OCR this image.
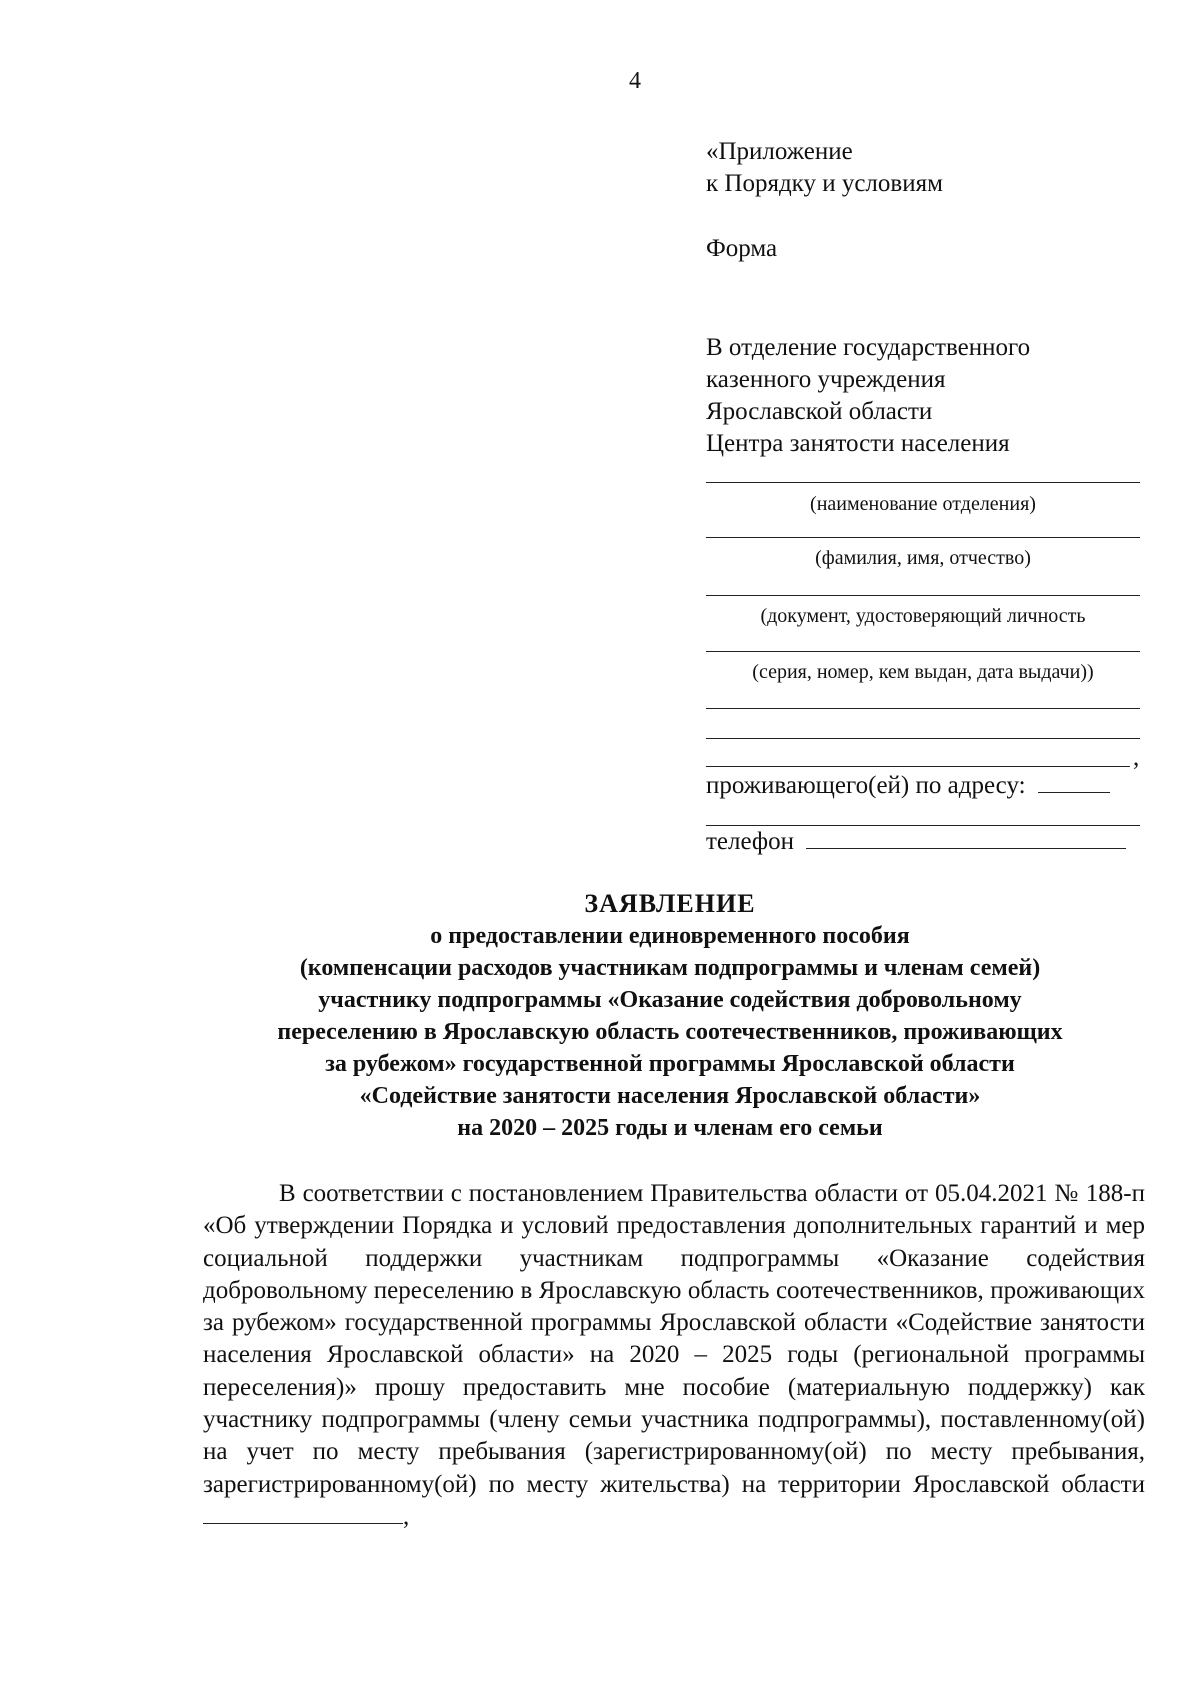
4
«Приложение
к Порядку и условиям
Форма
В отделение государственного
казенного учреждения
Ярославской области
Центра занятости населения
(наименование отделения)
(фамилия, имя, отчество)
(документ, удостоверяющий личность
(серия, номер, кем выдан, дата выдачи))
,
проживающего(ей) по адресу:
телефон
ЗАЯВЛЕНИЕ
о предоставлении единовременного пособия
(компенсации расходов участникам подпрограммы и членам семей)
участнику подпрограммы «Оказание содействия добровольному
переселению в Ярославскую область соотечественников, проживающих
за рубежом» государственной программы Ярославской области
«Содействие занятости населения Ярославской области»
на 2020 – 2025 годы и членам его семьи

В соответствии с постановлением Правительства области от 05.04.2021 № 188-п «Об утверждении Порядка и условий предоставления дополнительных гарантий и мер социальной поддержки участникам подпрограммы «Оказание содействия добровольному переселению в Ярославскую область соотечественников, проживающих за рубежом» государственной программы Ярославской области «Содействие занятости населения Ярославской области» на 2020 – 2025 годы (региональной программы переселения)» прошу предоставить мне пособие (материальную поддержку) как участнику подпрограммы (члену семьи участника подпрограммы), поставленному(ой) на учет по месту пребывания (зарегистрированному(ой) по месту пребывания, зарегистрированному(ой) по месту жительства) на территории Ярославской области ,
